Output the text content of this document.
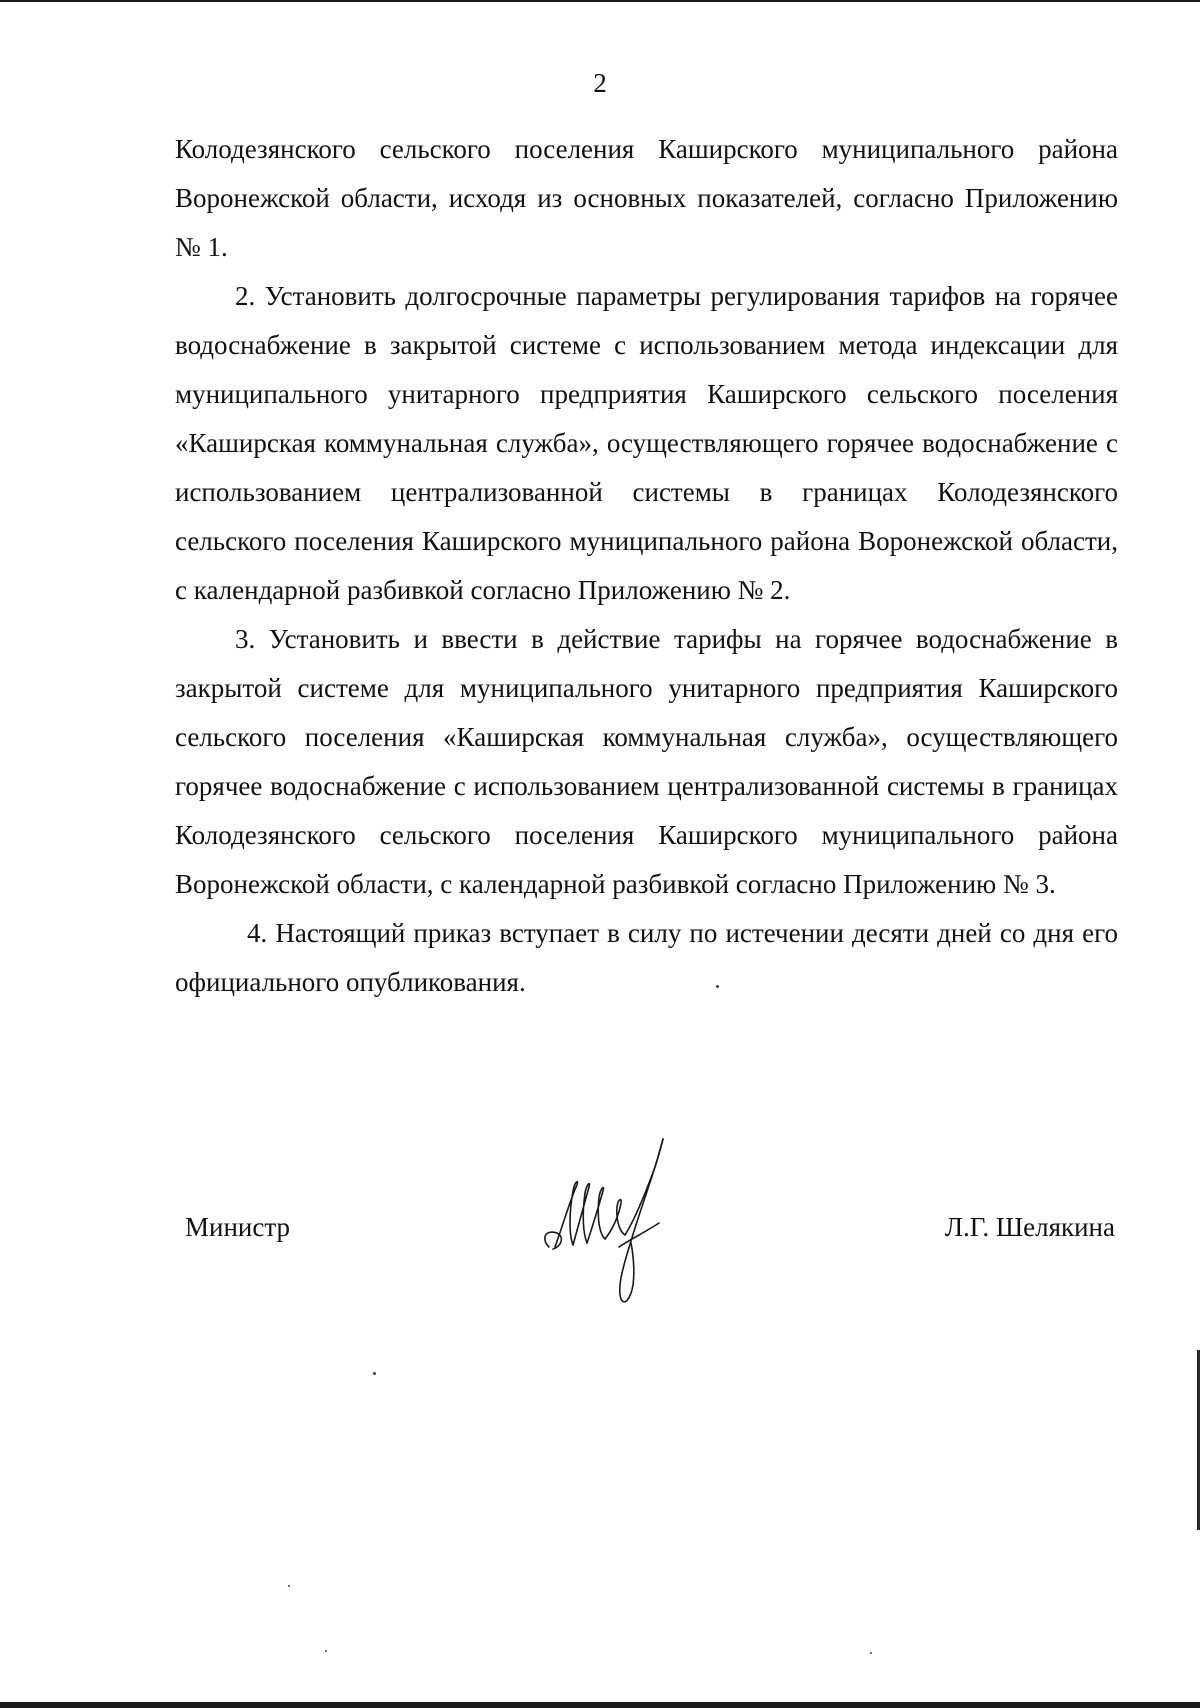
2

Колодезянского сельского поселения Каширского муниципального района Воронежской области, исходя из основных показателей, согласно Приложению № 1.

2. Установить долгосрочные параметры регулирования тарифов на горячее водоснабжение в закрытой системе с использованием метода индексации для муниципального унитарного предприятия Каширского сельского поселения «Каширская коммунальная служба», осуществляющего горячее водоснабжение с использованием централизованной системы в границах Колодезянского сельского поселения Каширского муниципального района Воронежской области, с календарной разбивкой согласно Приложению № 2.

3. Установить и ввести в действие тарифы на горячее водоснабжение в закрытой системе для муниципального унитарного предприятия Каширского сельского поселения «Каширская коммунальная служба», осуществляющего горячее водоснабжение с использованием централизованной системы в границах Колодезянского сельского поселения Каширского муниципального района Воронежской области, с календарной разбивкой согласно Приложению № 3.

4. Настоящий приказ вступает в силу по истечении десяти дней со дня его официального опубликования.

Министр	Л.Г. Шелякина
